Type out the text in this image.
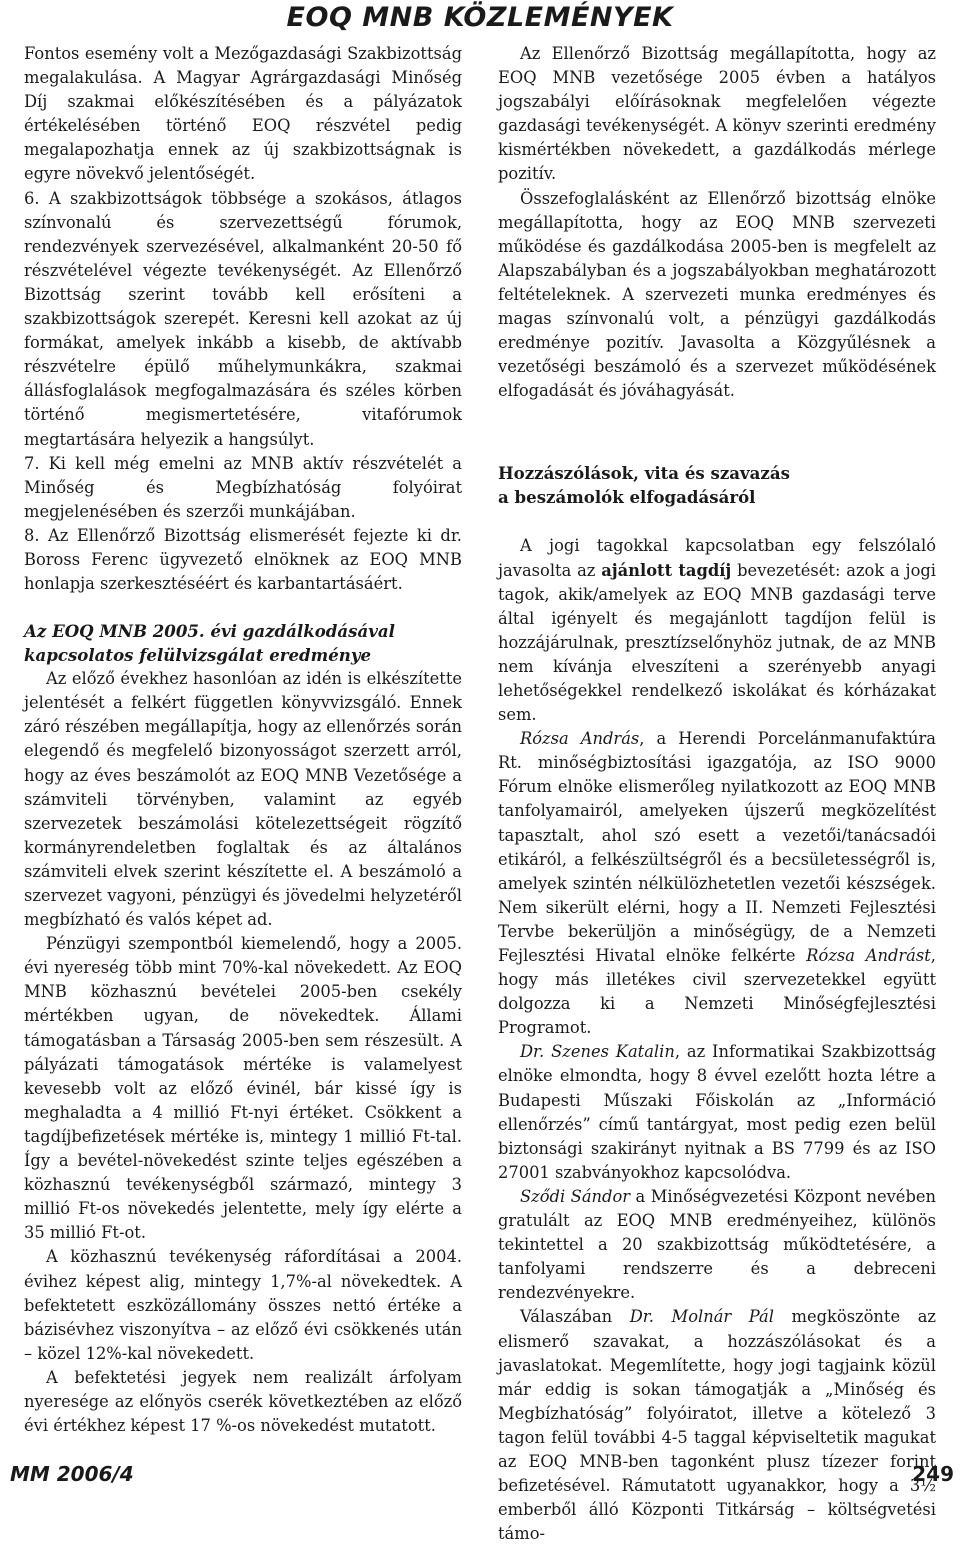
EOQ MNB KÖZLEMÉNYEK

Fontos esemény volt a Mezőgazdasági Szakbizottság megalakulása. A Magyar Agrárgazdasági Minőség Díj szakmai előkészítésében és a pályázatok értékelésében történő EOQ részvétel pedig megalapozhatja ennek az új szakbizottságnak is egyre növekvő jelentőségét.

6. A szakbizottságok többsége a szokásos, átlagos színvonalú és szervezettségű fórumok, rendezvények szervezésével, alkalmanként 20-50 fő részvételével végezte tevékenységét. Az Ellenőrző Bizottság szerint tovább kell erősíteni a szakbizottságok szerepét. Keresni kell azokat az új formákat, amelyek inkább a kisebb, de aktívabb részvételre épülő műhelymunkákra, szakmai állásfoglalások megfogalmazására és széles körben történő megismertetésére, vitafórumok megtartására helyezik a hangsúlyt.

7. Ki kell még emelni az MNB aktív részvételét a Minőség és Megbízhatóság folyóirat megjelenésében és szerzői munkájában.

8. Az Ellenőrző Bizottság elismerését fejezte ki dr. Boross Ferenc ügyvezető elnöknek az EOQ MNB honlapja szerkesztéséért és karbantartásáért.

Az EOQ MNB 2005. évi gazdálkodásával kapcsolatos felülvizsgálat eredménye

Az előző évekhez hasonlóan az idén is elkészítette jelentését a felkért független könyvvizsgáló. Ennek záró részében megállapítja, hogy az ellenőrzés során elegendő és megfelelő bizonyosságot szerzett arról, hogy az éves beszámolót az EOQ MNB Vezetősége a számviteli törvényben, valamint az egyéb szervezetek beszámolási kötelezettségeit rögzítő kormányrendeletben foglaltak és az általános számviteli elvek szerint készítette el. A beszámoló a szervezet vagyoni, pénzügyi és jövedelmi helyzetéről megbízható és valós képet ad.

Pénzügyi szempontból kiemelendő, hogy a 2005. évi nyereség több mint 70%-kal növekedett. Az EOQ MNB közhasznú bevételei 2005-ben csekély mértékben ugyan, de növekedtek. Állami támogatásban a Társaság 2005-ben sem részesült. A pályázati támogatások mértéke is valamelyest kevesebb volt az előző évinél, bár kissé így is meghaladta a 4 millió Ft-nyi értéket. Csökkent a tagdíjbefizetések mértéke is, mintegy 1 millió Ft-tal. Így a bevétel-növekedést szinte teljes egészében a közhasznú tevékenységből származó, mintegy 3 millió Ft-os növekedés jelentette, mely így elérte a 35 millió Ft-ot.

A közhasznú tevékenység ráfordításai a 2004. évihez képest alig, mintegy 1,7%-al növekedtek. A befektetett eszközállomány összes nettó értéke a bázisévhez viszonyítva – az előző évi csökkenés után – közel 12%-kal növekedett.

A befektetési jegyek nem realizált árfolyam nyeresége az előnyös cserék következtében az előző évi értékhez képest 17 %-os növekedést mutatott.

Az Ellenőrző Bizottság megállapította, hogy az EOQ MNB vezetősége 2005 évben a hatályos jogszabályi előírásoknak megfelelően végezte gazdasági tevékenységét. A könyv szerinti eredmény kismértékben növekedett, a gazdálkodás mérlege pozitív.

Összefoglalásként az Ellenőrző bizottság elnöke megállapította, hogy az EOQ MNB szervezeti működése és gazdálkodása 2005-ben is megfelelt az Alapszabályban és a jogszabályokban meghatározott feltételeknek. A szervezeti munka eredményes és magas színvonalú volt, a pénzügyi gazdálkodás eredménye pozitív. Javasolta a Közgyűlésnek a vezetőségi beszámoló és a szervezet működésének elfogadását és jóváhagyását.

Hozzászólások, vita és szavazás
a beszámolók elfogadásáról

A jogi tagokkal kapcsolatban egy felszólaló javasolta az ajánlott tagdíj bevezetését: azok a jogi tagok, akik/amelyek az EOQ MNB gazdasági terve által igényelt és megajánlott tagdíjon felül is hozzájárulnak, presztízselőnyhöz jutnak, de az MNB nem kívánja elveszíteni a szerényebb anyagi lehetőségekkel rendelkező iskolákat és kórházakat sem.

Rózsa András, a Herendi Porcelánmanufaktúra Rt. minőségbiztosítási igazgatója, az ISO 9000 Fórum elnöke elismerőleg nyilatkozott az EOQ MNB tanfolyamairól, amelyeken újszerű megközelítést tapasztalt, ahol szó esett a vezetői/tanácsadói etikáról, a felkészültségről és a becsületességről is, amelyek szintén nélkülözhetetlen vezetői készségek. Nem sikerült elérni, hogy a II. Nemzeti Fejlesztési Tervbe bekerüljön a minőségügy, de a Nemzeti Fejlesztési Hivatal elnöke felkérte Rózsa Andrást, hogy más illetékes civil szervezetekkel együtt dolgozza ki a Nemzeti Minőségfejlesztési Programot.

Dr. Szenes Katalin, az Informatikai Szakbizottság elnöke elmondta, hogy 8 évvel ezelőtt hozta létre a Budapesti Műszaki Főiskolán az „Információ ellenőrzés” című tantárgyat, most pedig ezen belül biztonsági szakirányt nyitnak a BS 7799 és az ISO 27001 szabványokhoz kapcsolódva.

Sződi Sándor a Minőségvezetési Központ nevében gratulált az EOQ MNB eredményeihez, különös tekintettel a 20 szakbizottság működtetésére, a tanfolyami rendszerre és a debreceni rendezvényekre.

Válaszában Dr. Molnár Pál megköszönte az elismerő szavakat, a hozzászólásokat és a javaslatokat. Megemlítette, hogy jogi tagjaink közül már eddig is sokan támogatják a „Minőség és Megbízhatóság” folyóiratot, illetve a kötelező 3 tagon felül további 4-5 taggal képviseltetik magukat az EOQ MNB-ben tagonként plusz tízezer forint befizetésével. Rámutatott ugyanakkor, hogy a 3½ emberből álló Központi Titkárság – költségvetési támo-

MM 2006/4	249
